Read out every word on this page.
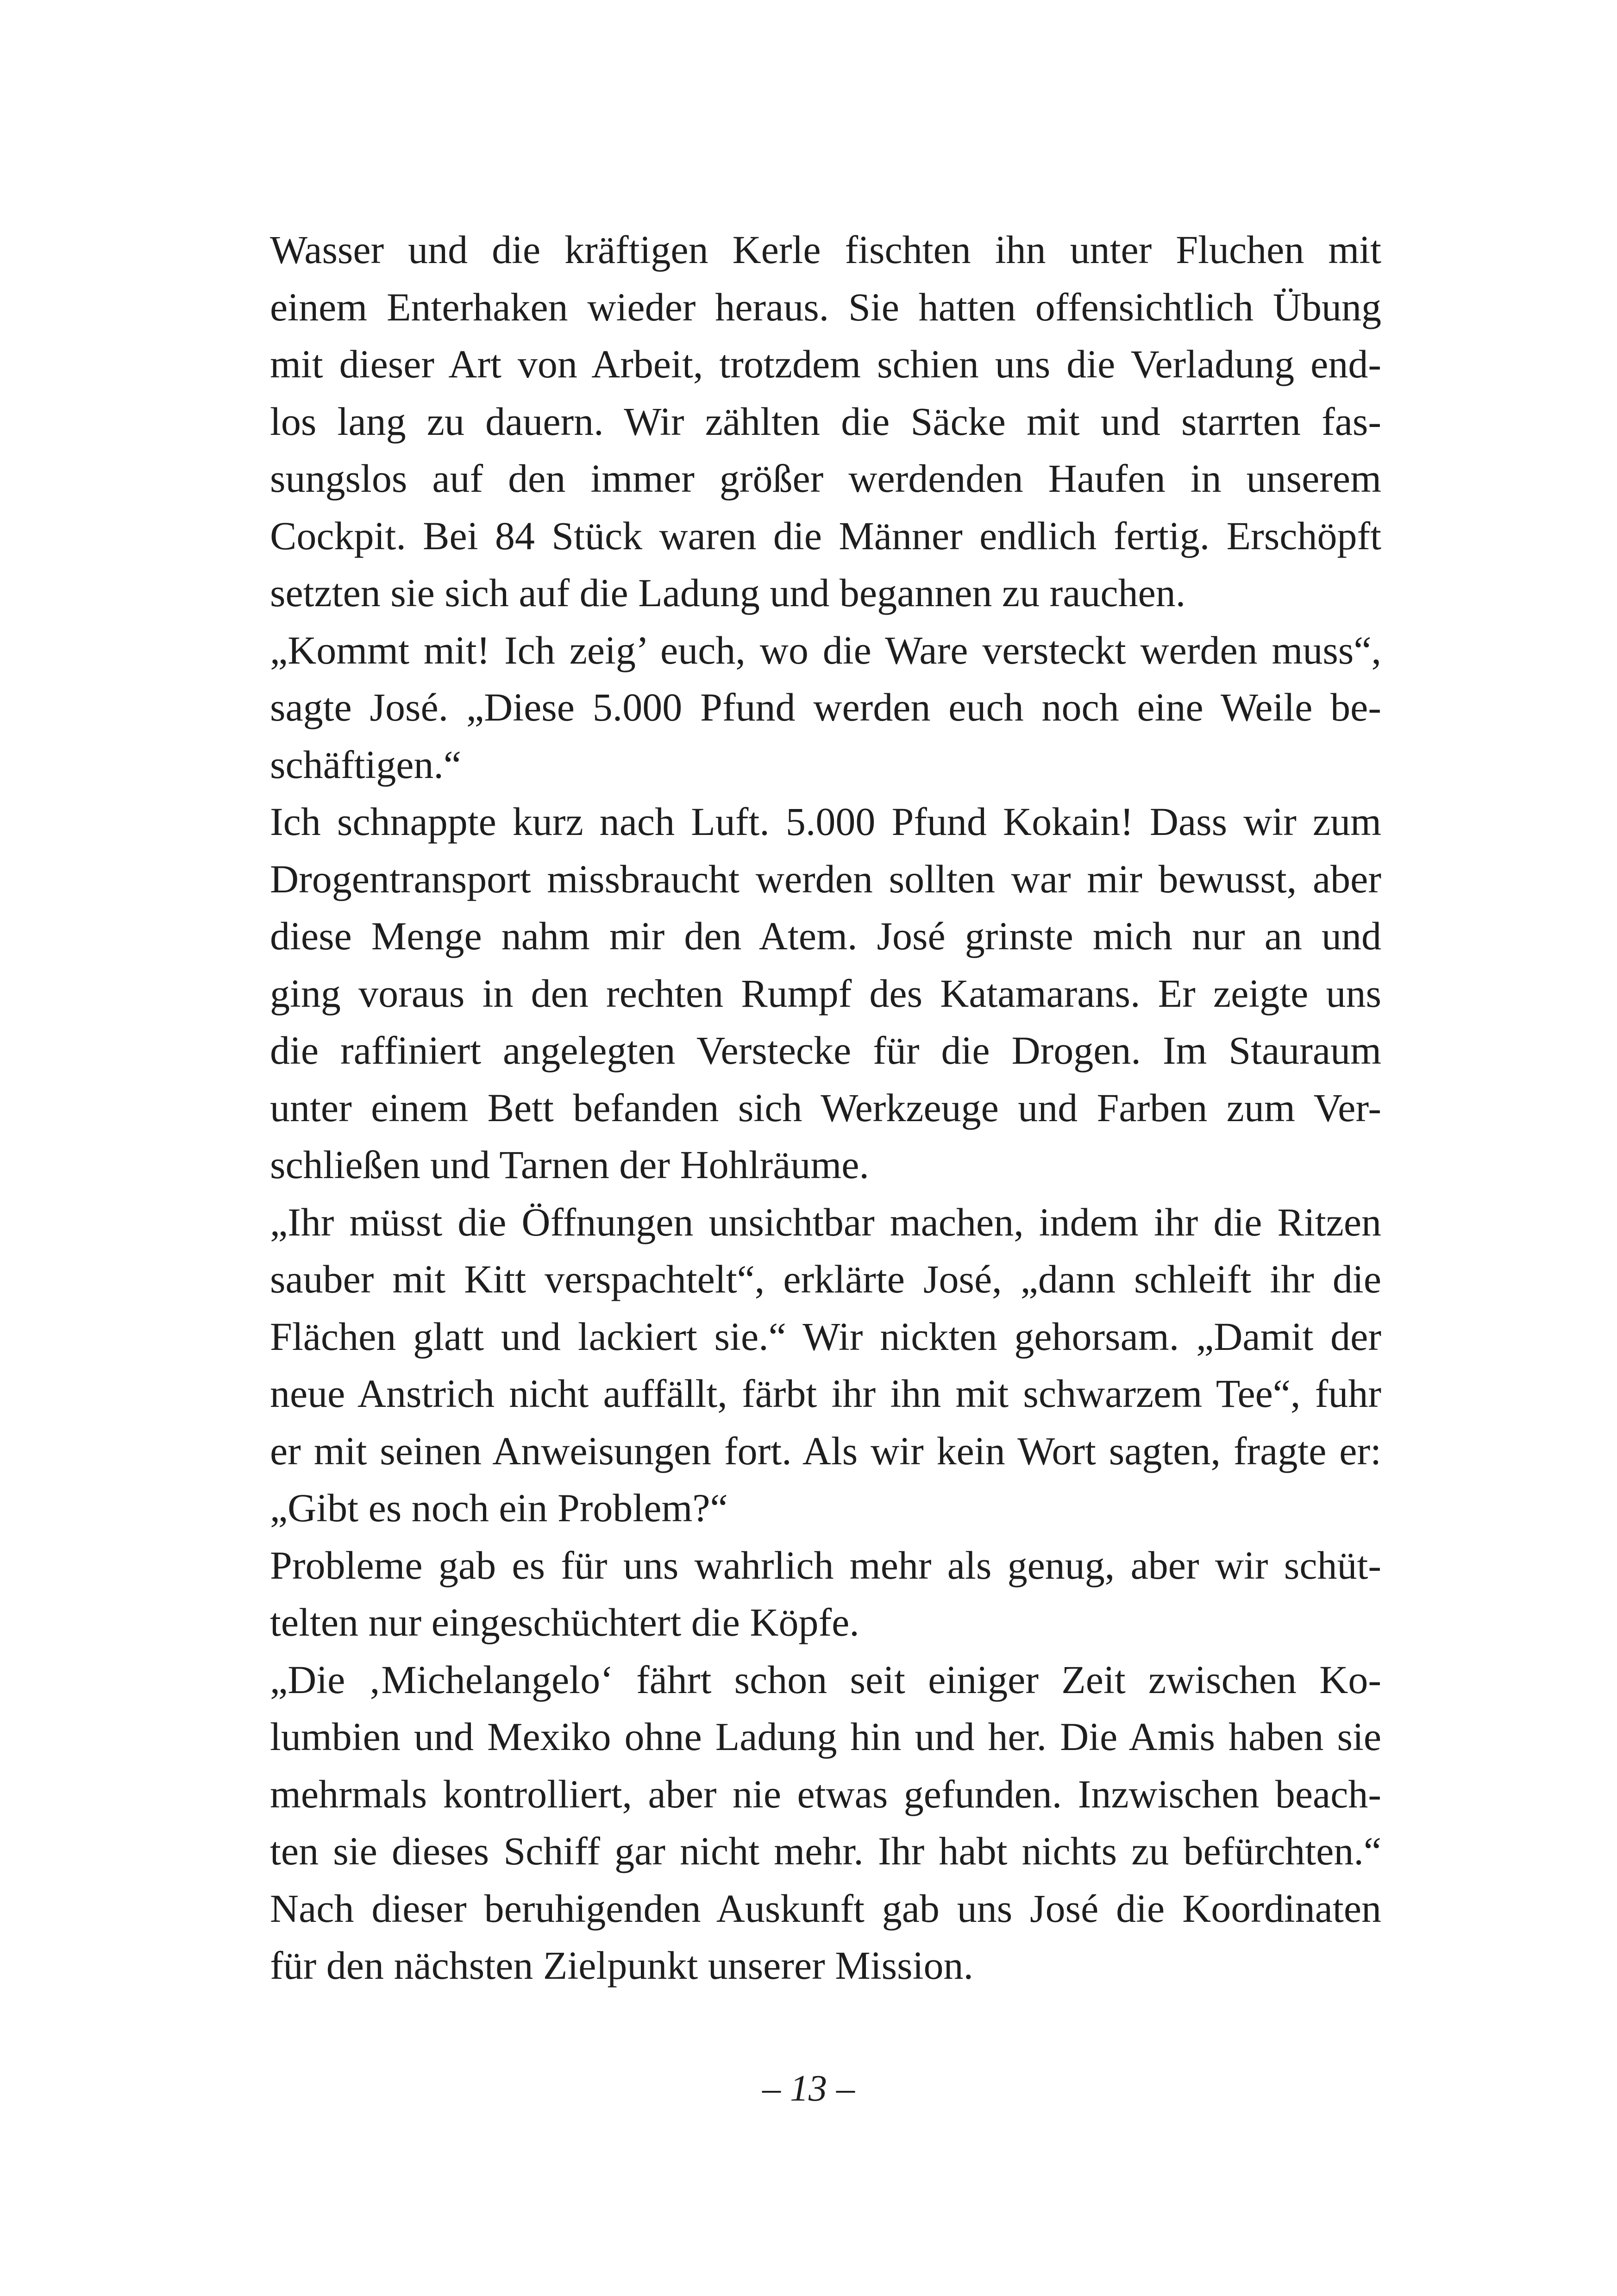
Wasser und die kräftigen Kerle fischten ihn unter Fluchen mit
einem Enterhaken wieder heraus. Sie hatten offensichtlich Übung
mit dieser Art von Arbeit, trotzdem schien uns die Verladung end-
los lang zu dauern. Wir zählten die Säcke mit und starrten fas-
sungslos auf den immer größer werdenden Haufen in unserem
Cockpit. Bei 84 Stück waren die Männer endlich fertig. Erschöpft
setzten sie sich auf die Ladung und begannen zu rauchen.
„Kommt mit! Ich zeig’ euch, wo die Ware versteckt werden muss“,
sagte José. „Diese 5.000 Pfund werden euch noch eine Weile be-
schäftigen.“
Ich schnappte kurz nach Luft. 5.000 Pfund Kokain! Dass wir zum
Drogentransport missbraucht werden sollten war mir bewusst, aber
diese Menge nahm mir den Atem. José grinste mich nur an und
ging voraus in den rechten Rumpf des Katamarans. Er zeigte uns
die raffiniert angelegten Verstecke für die Drogen. Im Stauraum
unter einem Bett befanden sich Werkzeuge und Farben zum Ver-
schließen und Tarnen der Hohlräume.
„Ihr müsst die Öffnungen unsichtbar machen, indem ihr die Ritzen
sauber mit Kitt verspachtelt“, erklärte José, „dann schleift ihr die
Flächen glatt und lackiert sie.“ Wir nickten gehorsam. „Damit der
neue Anstrich nicht auffällt, färbt ihr ihn mit schwarzem Tee“, fuhr
er mit seinen Anweisungen fort. Als wir kein Wort sagten, fragte er:
„Gibt es noch ein Problem?“
Probleme gab es für uns wahrlich mehr als genug, aber wir schüt-
telten nur eingeschüchtert die Köpfe.
„Die ‚Michelangelo‘ fährt schon seit einiger Zeit zwischen Ko-
lumbien und Mexiko ohne Ladung hin und her. Die Amis haben sie
mehrmals kontrolliert, aber nie etwas gefunden. Inzwischen beach-
ten sie dieses Schiff gar nicht mehr. Ihr habt nichts zu befürchten.“
Nach dieser beruhigenden Auskunft gab uns José die Koordinaten
für den nächsten Zielpunkt unserer Mission.
– 13 –
